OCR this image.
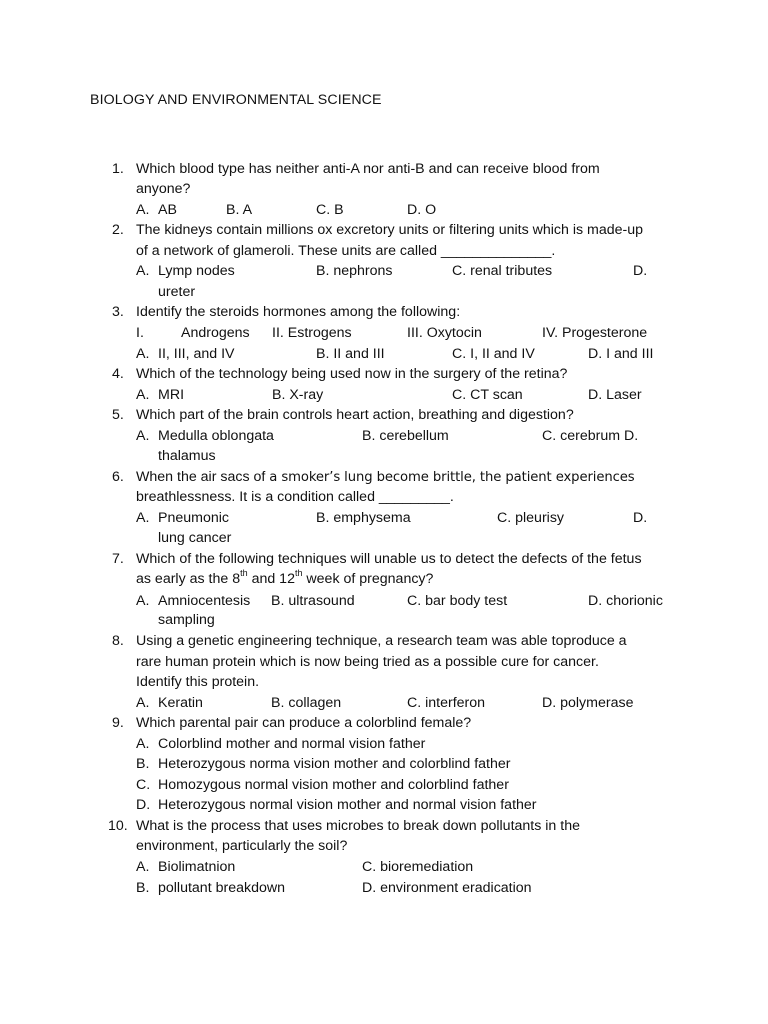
BIOLOGY AND ENVIRONMENTAL SCIENCE
1. Which blood type has neither anti-A nor anti-B and can receive blood from
anyone?
A. AB	B. A	C. B	D. O
2. The kidneys contain millions ox excretory units or filtering units which is made-up
of a network of glameroli. These units are called ______________.
A. Lymp nodes	B. nephrons	C. renal tributes	D.
ureter
3. Identify the steroids hormones among the following:
I.	Androgens II. Estrogens	III. Oxytocin	IV. Progesterone
A. II, III, and IV	B. II and III	C. I, II and IV	D. I and III
4. Which of the technology being used now in the surgery of the retina?
A. MRI	B. X-ray	C. CT scan	D. Laser
5. Which part of the brain controls heart action, breathing and digestion?
A. Medulla oblongata	B. cerebellum	C. cerebrum D.
thalamus
6. When the air sacs of a smoker’s lung become brittle, the patient experiences
breathlessness. It is a condition called _________.
A. Pneumonic	B. emphysema	C. pleurisy	D.
lung cancer
7. Which of the following techniques will unable us to detect the defects of the fetus
as early as the 8th and 12th week of pregnancy?
A. Amniocentesis B. ultrasound	C. bar body test	D. chorionic
sampling
8. Using a genetic engineering technique, a research team was able toproduce a
rare human protein which is now being tried as a possible cure for cancer.
Identify this protein.
A. Keratin	B. collagen	C. interferon	D. polymerase
9. Which parental pair can produce a colorblind female?
A. Colorblind mother and normal vision father
B. Heterozygous norma vision mother and colorblind father
C. Homozygous normal vision mother and colorblind father
D. Heterozygous normal vision mother and normal vision father
10. What is the process that uses microbes to break down pollutants in the
environment, particularly the soil?
A. Biolimatnion	C. bioremediation
B. pollutant breakdown	D. environment eradication
